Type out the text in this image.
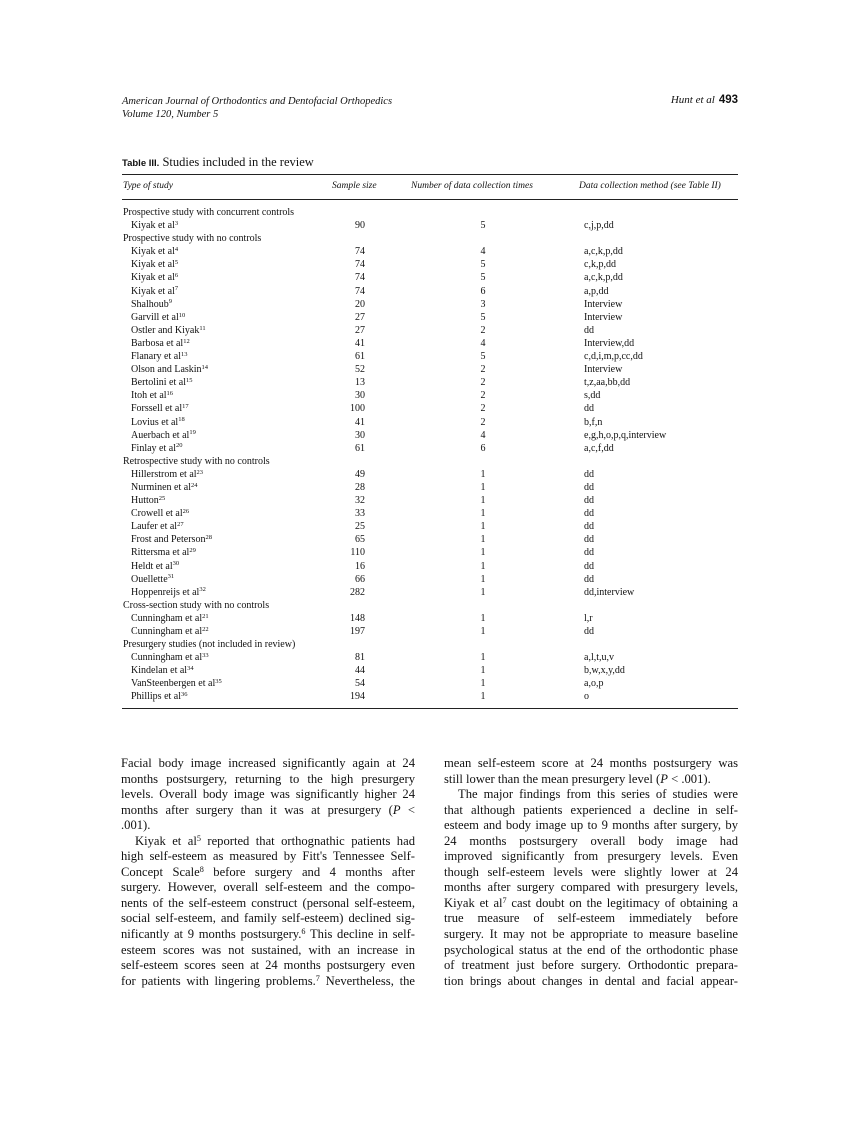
American Journal of Orthodontics and Dentofacial Orthopedics
Volume 120, Number 5
Hunt et al 493
Table III. Studies included in the review
Type of study	Sample size	Number of data collection times	Data collection method (see Table II)
Prospective study with concurrent controls
Kiyak et $al^3$	90	5	c,j,p,dd
Prospective study with no controls
Kiyak et $al^4$	74	4	a,c,k,p,dd
Kiyak et $al^5$	74	5	c,k,p,dd
Kiyak et $al^6$	74	5	a,c,k,p,dd
Kiyak et $al^7$	74	6	a,p,dd
Shalhoub$^9$	20	3	Interview
Garvill et $al^{10}$	27	5	Interview
Ostler and Kiyak$^{11}$	27	2	dd
Barbosa et $al^{12}$	41	4	Interview,dd
Flanary et $al^{13}$	61	5	c,d,i,m,p,cc,dd
Olson and Laskin$^{14}$	52	2	Interview
Bertolini et $al^{15}$	13	2	t,z,aa,bb,dd
Itoh et $al^{16}$	30	2	s,dd
Forssell et $al^{17}$	100	2	dd
Lovius et $al^{18}$	41	2	b,f,n
Auerbach et $al^{19}$	30	4	e,g,h,o,p,q,interview
Finlay et $al^{20}$	61	6	a,c,f,dd
Retrospective study with no controls
Hillerstrom et $al^{23}$	49	1	dd
Nurminen et $al^{24}$	28	1	dd
Hutton$^{25}$	32	1	dd
Crowell et $al^{26}$	33	1	dd
Laufer et $al^{27}$	25	1	dd
Frost and Peterson$^{28}$	65	1	dd
Rittersma et $al^{29}$	110	1	dd
Heldt et $al^{30}$	16	1	dd
Ouellette$^{31}$	66	1	dd
Hoppenreijs et $al^{32}$	282	1	dd,interview
Cross-section study with no controls
Cunningham et $al^{21}$	148	1	l,r
Cunningham et $al^{22}$	197	1	dd
Presurgery studies (not included in review)
Cunningham et $al^{33}$	81	1	a,l,t,u,v
Kindelan et $al^{34}$	44	1	b,w,x,y,dd
VanSteenbergen et $al^{35}$	54	1	a,o,p
Phillips et $al^{36}$	194	1	o
Facial body image increased significantly again at 24
months postsurgery, returning to the high presurgery
levels. Overall body image was significantly higher 24
months after surgery than it was at presurgery (P <
.001).
Kiyak et $al^5$ reported that orthognathic patients had
high self-esteem as measured by Fitt's Tennessee Self-
Concept Scale$^8$ before surgery and 4 months after
surgery. However, overall self-esteem and the compo-
nents of the self-esteem construct (personal self-esteem,
social self-esteem, and family self-esteem) declined sig-
nificantly at 9 months postsurgery.$^6$ This decline in self-
esteem scores was not sustained, with an increase in
self-esteem scores seen at 24 months postsurgery even
for patients with lingering problems.$^7$ Nevertheless, the
mean self-esteem score at 24 months postsurgery was
still lower than the mean presurgery level (P < .001).
The major findings from this series of studies were
that although patients experienced a decline in self-
esteem and body image up to 9 months after surgery, by
24 months postsurgery overall body image had
improved significantly from presurgery levels. Even
though self-esteem levels were slightly lower at 24
months after surgery compared with presurgery levels,
Kiyak et $al^7$ cast doubt on the legitimacy of obtaining a
true measure of self-esteem immediately before
surgery. It may not be appropriate to measure baseline
psychological status at the end of the orthodontic phase
of treatment just before surgery. Orthodontic prepara-
tion brings about changes in dental and facial appear-
